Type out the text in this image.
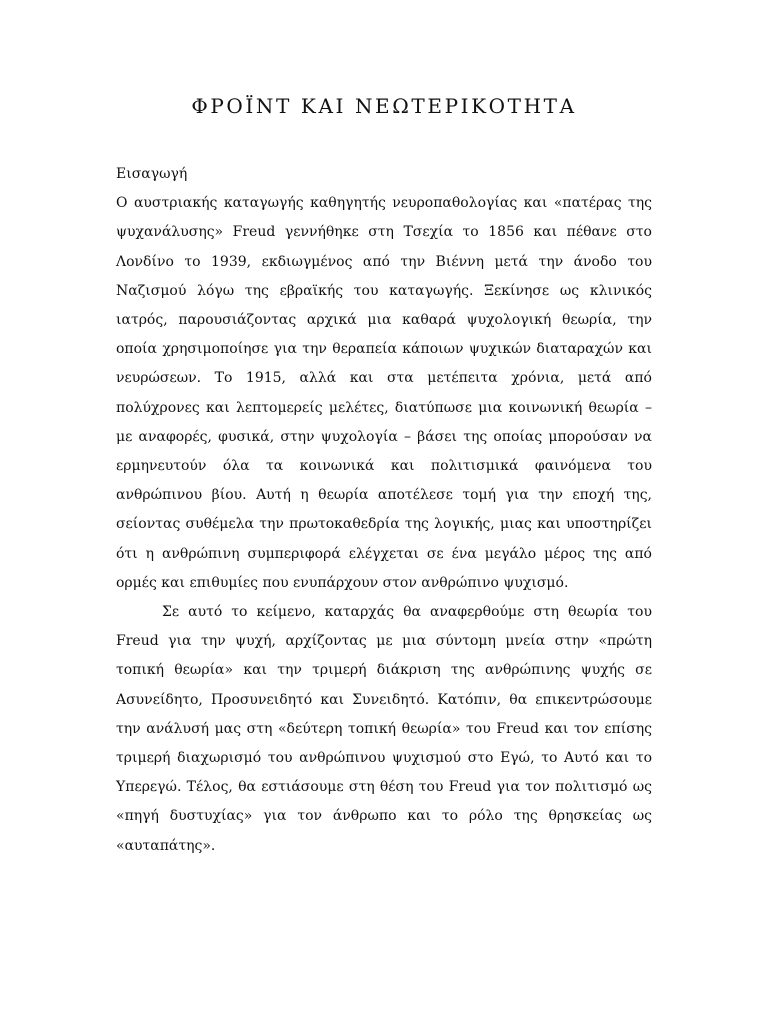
ΦΡΟΪΝΤ ΚΑΙ ΝΕΩΤΕΡΙΚΟΤΗΤΑ
Εισαγωγή

Ο αυστριακής καταγωγής καθηγητής νευροπαθολογίας και «πατέρας της ψυχανάλυσης» Freud γεννήθηκε στη Τσεχία το 1856 και πέθανε στο Λονδίνο το 1939, εκδιωγμένος από την Βιέννη μετά την άνοδο του Ναζισμού λόγω της εβραϊκής του καταγωγής. Ξεκίνησε ως κλινικός ιατρός, παρουσιάζοντας αρχικά μια καθαρά ψυχολογική θεωρία, την οποία χρησιμοποίησε για την θεραπεία κάποιων ψυχικών διαταραχών και νευρώσεων. Το 1915, αλλά και στα μετέπειτα χρόνια, μετά από πολύχρονες και λεπτομερείς μελέτες, διατύπωσε μια κοινωνική θεωρία –με αναφορές, φυσικά, στην ψυχολογία – βάσει της οποίας μπορούσαν να ερμηνευτούν όλα τα κοινωνικά και πολιτισμικά φαινόμενα του ανθρώπινου βίου. Αυτή η θεωρία αποτέλεσε τομή για την εποχή της, σείοντας συθέμελα την πρωτοκαθεδρία της λογικής, μιας και υποστηρίζει ότι η ανθρώπινη συμπεριφορά ελέγχεται σε ένα μεγάλο μέρος της από ορμές και επιθυμίες που ενυπάρχουν στον ανθρώπινο ψυχισμό.

Σε αυτό το κείμενο, καταρχάς θα αναφερθούμε στη θεωρία του Freud για την ψυχή, αρχίζοντας με μια σύντομη μνεία στην «πρώτη τοπική θεωρία» και την τριμερή διάκριση της ανθρώπινης ψυχής σε Ασυνείδητο, Προσυνειδητό και Συνειδητό. Κατόπιν, θα επικεντρώσουμε την ανάλυσή μας στη «δεύτερη τοπική θεωρία» του Freud και τον επίσης τριμερή διαχωρισμό του ανθρώπινου ψυχισμού στο Εγώ, το Αυτό και το Υπερεγώ. Τέλος, θα εστιάσουμε στη θέση του Freud για τον πολιτισμό ως «πηγή δυστυχίας» για τον άνθρωπο και το ρόλο της θρησκείας ως «αυταπάτης».
